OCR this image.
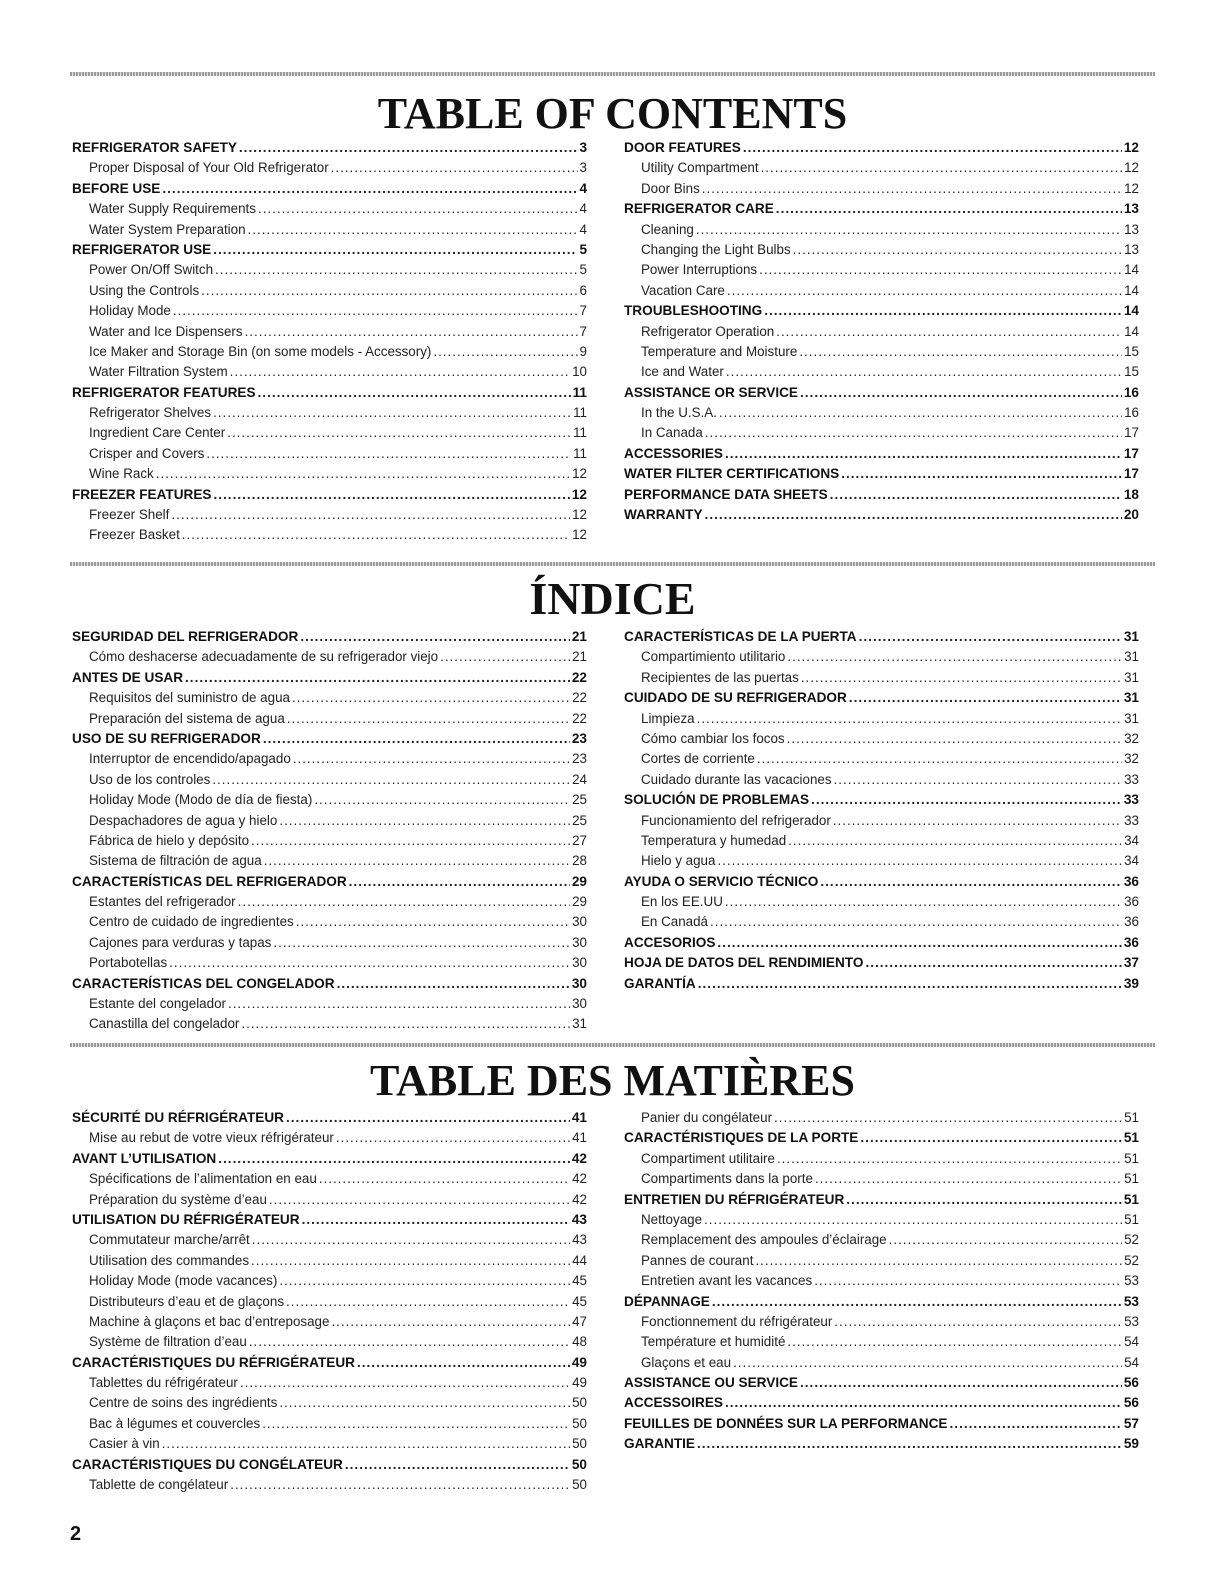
TABLE OF CONTENTS
REFRIGERATOR SAFETY .....	3
Proper Disposal of Your Old Refrigerator .....	3
BEFORE USE .....	4
Water Supply Requirements .....	4
Water System Preparation .....	4
REFRIGERATOR USE .....	5
Power On/Off Switch .....	5
Using the Controls .....	6
Holiday Mode .....	7
Water and Ice Dispensers .....	7
Ice Maker and Storage Bin (on some models - Accessory) .....	9
Water Filtration System .....	10
REFRIGERATOR FEATURES .....	11
Refrigerator Shelves .....	11
Ingredient Care Center .....	11
Crisper and Covers .....	11
Wine Rack .....	12
FREEZER FEATURES .....	12
Freezer Shelf .....	12
Freezer Basket .....	12
DOOR FEATURES .....	12
Utility Compartment .....	12
Door Bins .....	12
REFRIGERATOR CARE .....	13
Cleaning .....	13
Changing the Light Bulbs .....	13
Power Interruptions .....	14
Vacation Care .....	14
TROUBLESHOOTING .....	14
Refrigerator Operation .....	14
Temperature and Moisture .....	15
Ice and Water .....	15
ASSISTANCE OR SERVICE .....	16
In the U.S.A. .....	16
In Canada .....	17
ACCESSORIES .....	17
WATER FILTER CERTIFICATIONS .....	17
PERFORMANCE DATA SHEETS .....	18
WARRANTY .....	20
ÍNDICE
SEGURIDAD DEL REFRIGERADOR .....	21
Cómo deshacerse adecuadamente de su refrigerador viejo .....	21
ANTES DE USAR .....	22
Requisitos del suministro de agua .....	22
Preparación del sistema de agua .....	22
USO DE SU REFRIGERADOR .....	23
Interruptor de encendido/apagado .....	23
Uso de los controles .....	24
Holiday Mode (Modo de día de fiesta) .....	25
Despachadores de agua y hielo .....	25
Fábrica de hielo y depósito .....	27
Sistema de filtración de agua .....	28
CARACTERÍSTICAS DEL REFRIGERADOR .....	29
Estantes del refrigerador .....	29
Centro de cuidado de ingredientes .....	30
Cajones para verduras y tapas .....	30
Portabotellas .....	30
CARACTERÍSTICAS DEL CONGELADOR .....	30
Estante del congelador .....	30
Canastilla del congelador .....	31
CARACTERÍSTICAS DE LA PUERTA .....	31
Compartimiento utilitario .....	31
Recipientes de las puertas .....	31
CUIDADO DE SU REFRIGERADOR .....	31
Limpieza .....	31
Cómo cambiar los focos .....	32
Cortes de corriente .....	32
Cuidado durante las vacaciones .....	33
SOLUCIÓN DE PROBLEMAS .....	33
Funcionamiento del refrigerador .....	33
Temperatura y humedad .....	34
Hielo y agua .....	34
AYUDA O SERVICIO TÉCNICO .....	36
En los EE.UU .....	36
En Canadá .....	36
ACCESORIOS .....	36
HOJA DE DATOS DEL RENDIMIENTO .....	37
GARANTÍA .....	39
TABLE DES MATIÈRES
SÉCURITÉ DU RÉFRIGÉRATEUR .....	41
Mise au rebut de votre vieux réfrigérateur .....	41
AVANT L’UTILISATION .....	42
Spécifications de l’alimentation en eau .....	42
Préparation du système d’eau .....	42
UTILISATION DU RÉFRIGÉRATEUR .....	43
Commutateur marche/arrêt .....	43
Utilisation des commandes .....	44
Holiday Mode (mode vacances) .....	45
Distributeurs d’eau et de glaçons .....	45
Machine à glaçons et bac d’entreposage .....	47
Système de filtration d’eau .....	48
CARACTÉRISTIQUES DU RÉFRIGÉRATEUR .....	49
Tablettes du réfrigérateur .....	49
Centre de soins des ingrédients .....	50
Bac à légumes et couvercles .....	50
Casier à vin .....	50
CARACTÉRISTIQUES DU CONGÉLATEUR .....	50
Tablette de congélateur .....	50
Panier du congélateur .....	51
CARACTÉRISTIQUES DE LA PORTE .....	51
Compartiment utilitaire .....	51
Compartiments dans la porte .....	51
ENTRETIEN DU RÉFRIGÉRATEUR .....	51
Nettoyage .....	51
Remplacement des ampoules d’éclairage .....	52
Pannes de courant .....	52
Entretien avant les vacances .....	53
DÉPANNAGE .....	53
Fonctionnement du réfrigérateur .....	53
Température et humidité .....	54
Glaçons et eau .....	54
ASSISTANCE OU SERVICE .....	56
ACCESSOIRES .....	56
FEUILLES DE DONNÉES SUR LA PERFORMANCE .....	57
GARANTIE .....	59
2
